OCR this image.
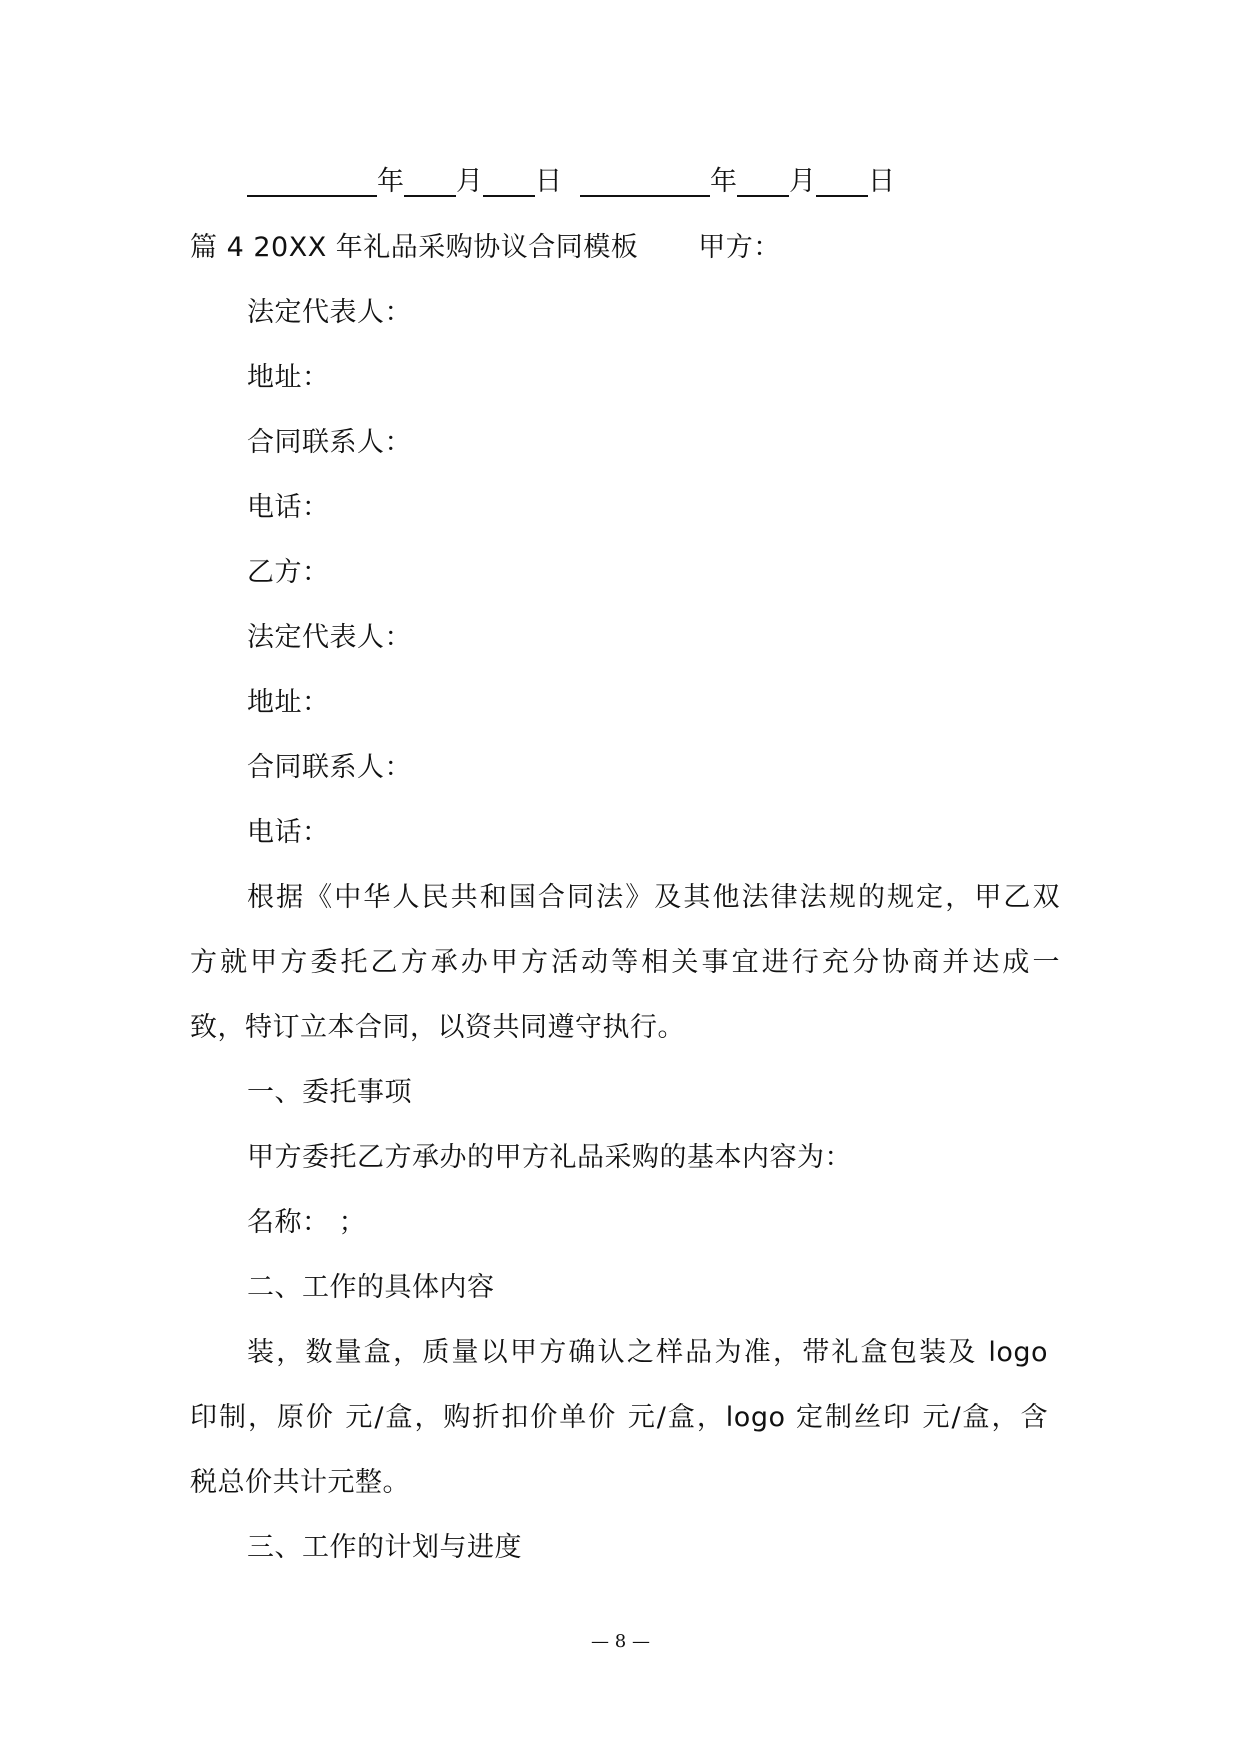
年 月 日	年 月 日
篇 4 20XX 年礼品采购协议合同模板 甲方：
法定代表人：
地址：
合同联系人：
电话：
乙方：
法定代表人：
地址：
合同联系人：
电话：
根据《中华人民共和国合同法》及其他法律法规的规定，甲乙双
方就甲方委托乙方承办甲方活动等相关事宜进行充分协商并达成一
致，特订立本合同，以资共同遵守执行。
一、委托事项
甲方委托乙方承办的甲方礼品采购的基本内容为：
名称： ；
二、工作的具体内容
装，数量盒，质量以甲方确认之样品为准，带礼盒包装及 logo
印制，原价 元/盒，购折扣价单价 元/盒，logo 定制丝印 元/盒，含
税总价共计元整。
三、工作的计划与进度
— 8 —
